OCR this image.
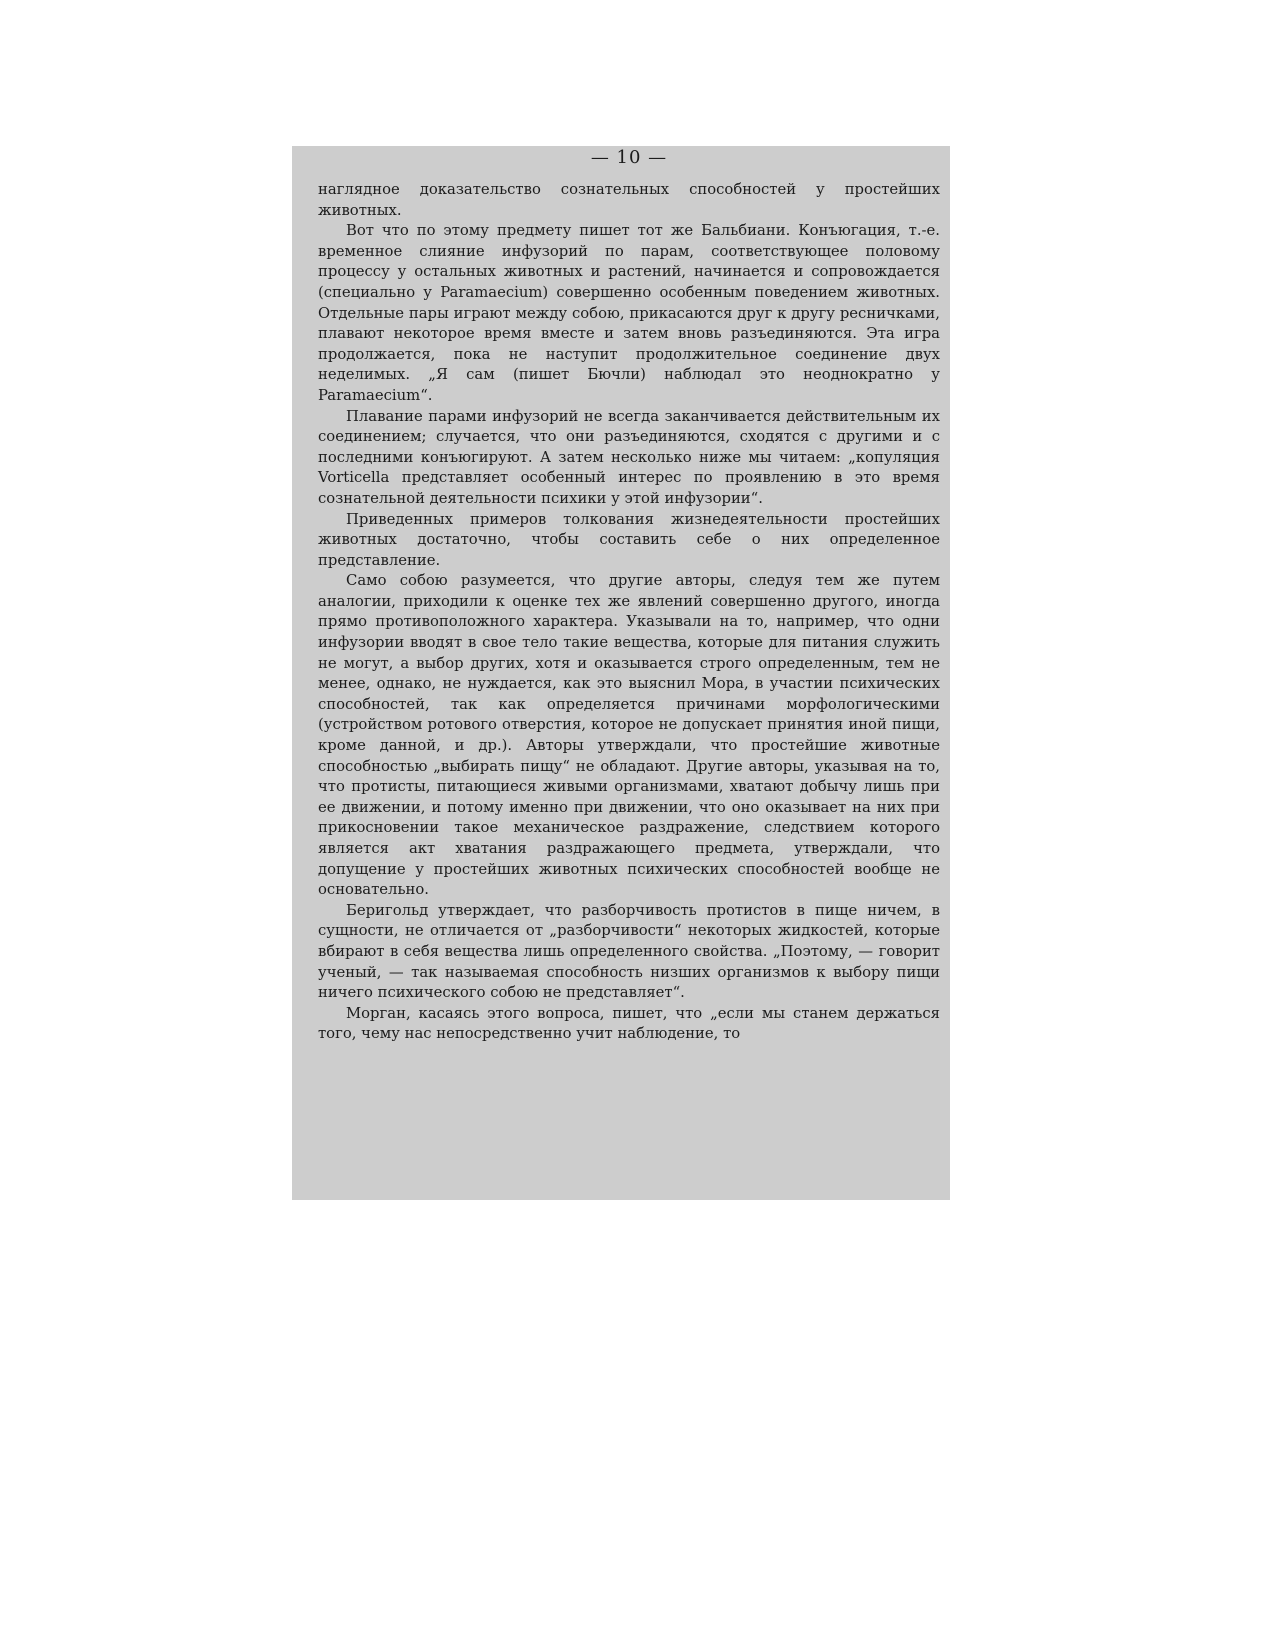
— 10 —

наглядное доказательство сознательных способностей у простейших животных.

Вот что по этому предмету пишет тот же Бальбиани. Конъюгация, т.-е. временное слияние инфузорий по парам, соответствующее половому процессу у остальных животных и растений, начинается и сопровождается (специально у Paramaecium) совершенно особенным поведением животных. Отдельные пары играют между собою, прикасаются друг к другу ресничками, плавают некоторое время вместе и затем вновь разъединяются. Эта игра продолжается, пока не наступит продолжительное соединение двух неделимых. „Я сам (пишет Бючли) наблюдал это неоднократно у Paramaecium“.

Плавание парами инфузорий не всегда заканчивается действительным их соединением; случается, что они разъединяются, сходятся с другими и с последними конъюгируют. А затем несколько ниже мы читаем: „копуляция Vorticella представляет особенный интерес по проявлению в это время сознательной деятельности психики у этой инфузории“.

Приведенных примеров толкования жизнедеятельности простейших животных достаточно, чтобы составить себе о них определенное представление.

Само собою разумеется, что другие авторы, следуя тем же путем аналогии, приходили к оценке тех же явлений совершенно другого, иногда прямо противоположного характера. Указывали на то, например, что одни инфузории вводят в свое тело такие вещества, которые для питания служить не могут, а выбор других, хотя и оказывается строго определенным, тем не менее, однако, не нуждается, как это выяснил Mopa, в участии психических способностей, так как определяется причинами морфологическими (устройством ротового отверстия, которое не допускает принятия иной пищи, кроме данной, и др.). Авторы утверждали, что простейшие животные способностью „выбирать пищу“ не обладают. Другие авторы, указывая на то, что протисты, питающиеся живыми организмами, хватают добычу лишь при ее движении, и потому именно при движении, что оно оказывает на них при прикосновении такое механическое раздражение, следствием которого является акт хватания раздражающего предмета, утверждали, что допущение у простейших животных психических способностей вообще не основательно.

Беригольд утверждает, что разборчивость протистов в пище ничем, в сущности, не отличается от „разборчивости“ некоторых жидкостей, которые вбирают в себя вещества лишь определенного свойства. „Поэтому, — говорит ученый, — так называемая способность низших организмов к выбору пищи ничего психического собою не представляет“.

Морган, касаясь этого вопроса, пишет, что „если мы станем держаться того, чему нас непосредственно учит наблюдение, то
